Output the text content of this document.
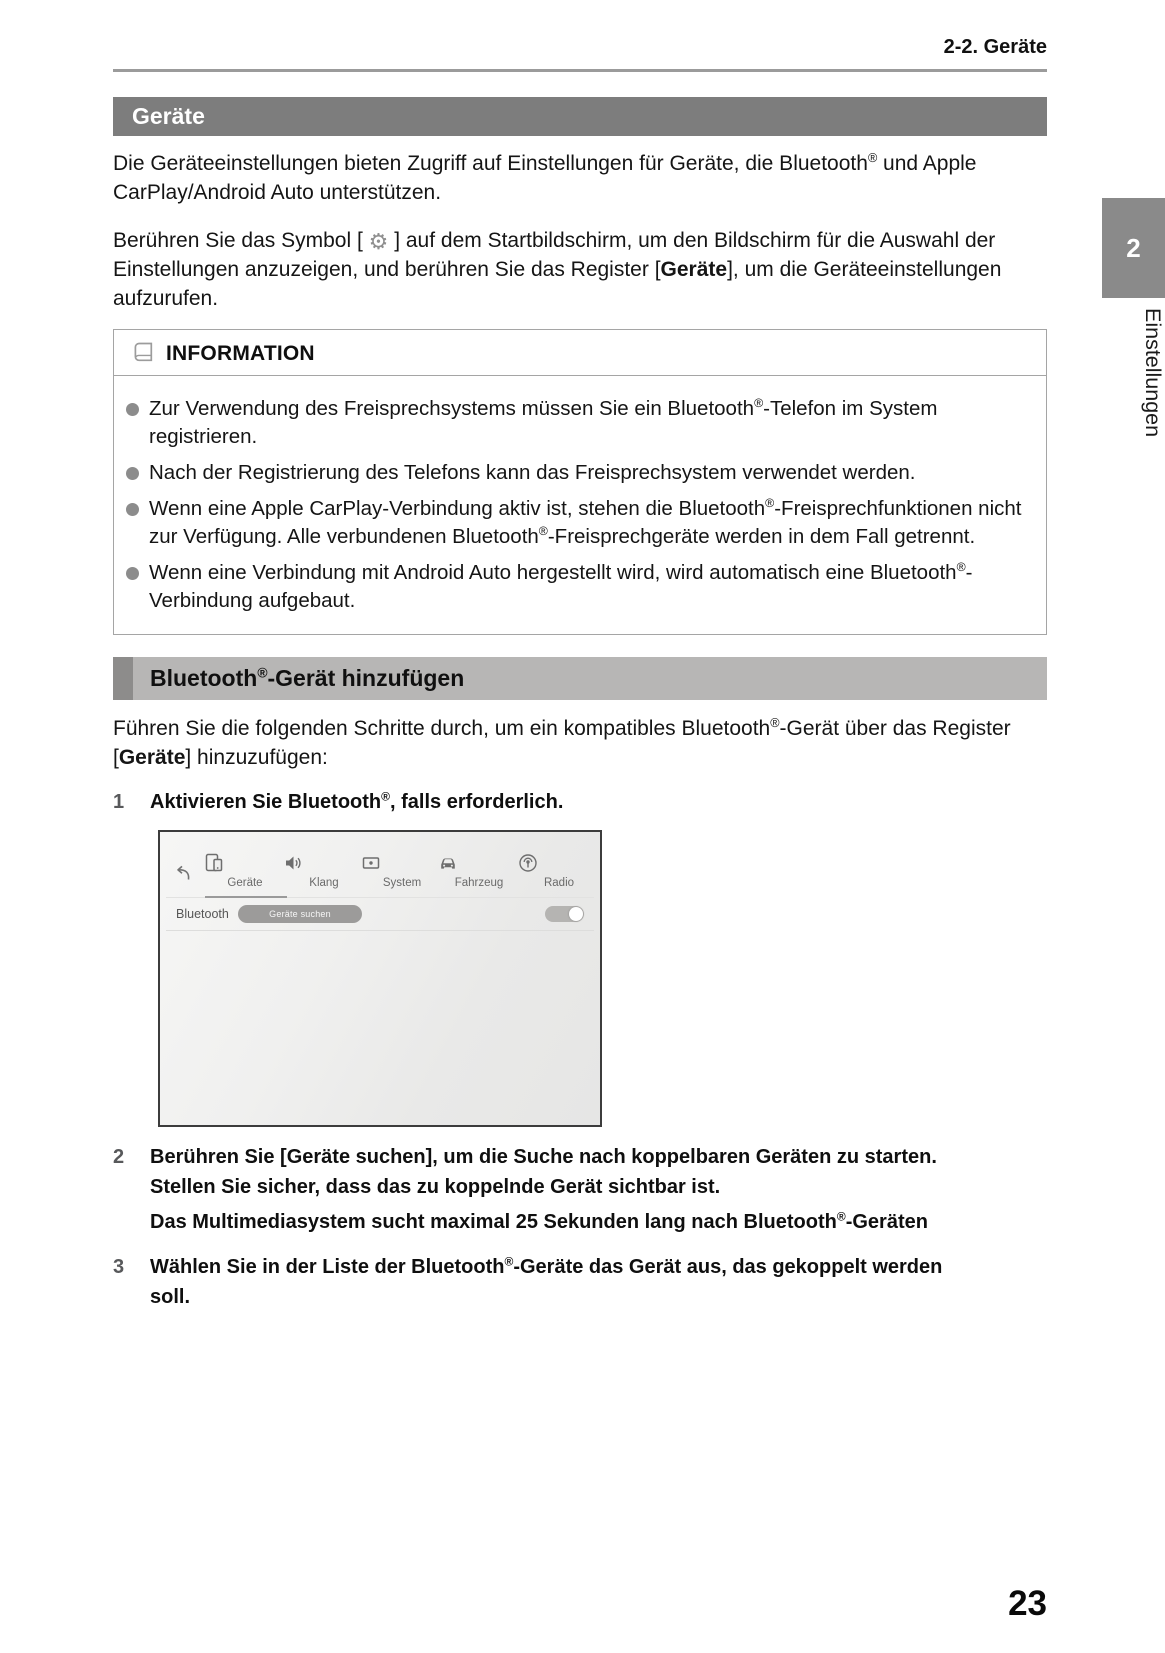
2-2. Geräte
Geräte
Die Geräteeinstellungen bieten Zugriff auf Einstellungen für Geräte, die Bluetooth® und Apple CarPlay/Android Auto unterstützen.
Berühren Sie das Symbol [ ⚙ ] auf dem Startbildschirm, um den Bildschirm für die Auswahl der Einstellungen anzuzeigen, und berühren Sie das Register [Geräte], um die Geräteeinstellungen aufzurufen.
INFORMATION
Zur Verwendung des Freisprechsystems müssen Sie ein Bluetooth®-Telefon im System registrieren.
Nach der Registrierung des Telefons kann das Freisprechsystem verwendet werden.
Wenn eine Apple CarPlay-Verbindung aktiv ist, stehen die Bluetooth®-Freisprechfunktionen nicht zur Verfügung. Alle verbundenen Bluetooth®-Freisprechgeräte werden in dem Fall getrennt.
Wenn eine Verbindung mit Android Auto hergestellt wird, wird automatisch eine Bluetooth®-Verbindung aufgebaut.
Bluetooth®-Gerät hinzufügen
Führen Sie die folgenden Schritte durch, um ein kompatibles Bluetooth®-Gerät über das Register [Geräte] hinzuzufügen:
1	Aktivieren Sie Bluetooth®, falls erforderlich.
Geräte	Klang	System	Fahrzeug	Radio
Bluetooth	Geräte suchen
2	Berühren Sie [Geräte suchen], um die Suche nach koppelbaren Geräten zu starten. Stellen Sie sicher, dass das zu koppelnde Gerät sichtbar ist.

Das Multimediasystem sucht maximal 25 Sekunden lang nach Bluetooth®-Geräten

3	Wählen Sie in der Liste der Bluetooth®-Geräte das Gerät aus, das gekoppelt werden soll.
2
Einstellungen
23
